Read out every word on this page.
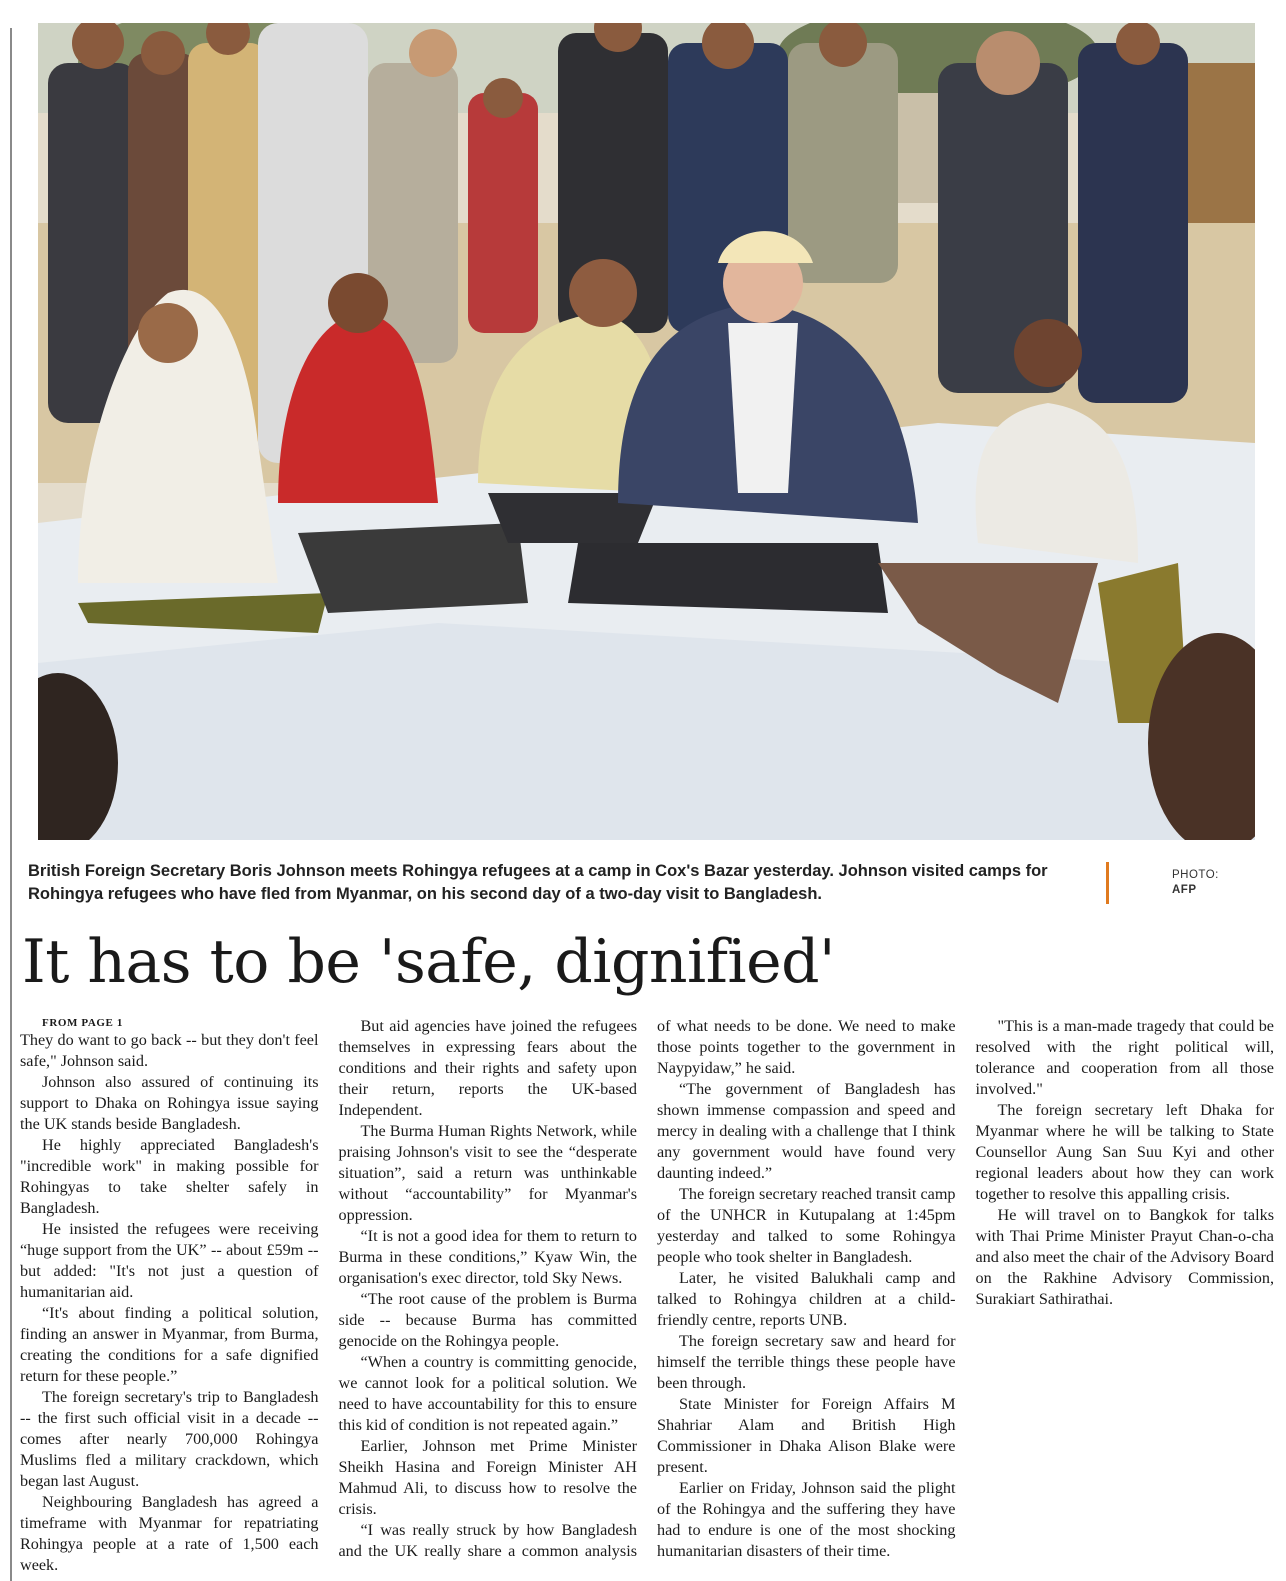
British Foreign Secretary Boris Johnson meets Rohingya refugees at a camp in Cox's Bazar yesterday. Johnson visited camps for Rohingya refugees who have fled from Myanmar, on his second day of a two-day visit to Bangladesh.
PHOTO:
AFP
It has to be 'safe, dignified'

FROM PAGE 1

They do want to go back -- but they don't feel safe," Johnson said.

Johnson also assured of continuing its support to Dhaka on Rohingya issue saying the UK stands beside Bangladesh.

He highly appreciated Bangladesh's "incredible work" in making possible for Rohingyas to take shelter safely in Bangladesh.

He insisted the refugees were receiving “huge support from the UK” -- about £59m -- but added: "It's not just a question of humanitarian aid.

“It's about finding a political solution, finding an answer in Myanmar, from Burma, creating the conditions for a safe dignified return for these people.”

The foreign secretary's trip to Bangladesh -- the first such official visit in a decade -- comes after nearly 700,000 Rohingya Muslims fled a military crackdown, which began last August.

Neighbouring Bangladesh has agreed a timeframe with Myanmar for repatriating Rohingya people at a rate of 1,500 each week.

But aid agencies have joined the refugees themselves in expressing fears about the conditions and their rights and safety upon their return, reports the UK-based Independent.

The Burma Human Rights Network, while praising Johnson's visit to see the “desperate situation”, said a return was unthinkable without “accountability” for Myanmar's oppression.

“It is not a good idea for them to return to Burma in these conditions,” Kyaw Win, the organisation's exec director, told Sky News.

“The root cause of the problem is Burma side -- because Burma has committed genocide on the Rohingya people.

“When a country is committing genocide, we cannot look for a political solution. We need to have accountability for this to ensure this kid of condition is not repeated again.”

Earlier, Johnson met Prime Minister Sheikh Hasina and Foreign Minister AH Mahmud Ali, to discuss how to resolve the crisis.

“I was really struck by how Bangladesh and the UK really share a common analysis of what needs to be done. We need to make those points together to the government in Naypyidaw,” he said.

“The government of Bangladesh has shown immense compassion and speed and mercy in dealing with a challenge that I think any government would have found very daunting indeed.”

The foreign secretary reached transit camp of the UNHCR in Kutupalang at 1:45pm yesterday and talked to some Rohingya people who took shelter in Bangladesh.

Later, he visited Balukhali camp and talked to Rohingya children at a child-friendly centre, reports UNB.

The foreign secretary saw and heard for himself the terrible things these people have been through.

State Minister for Foreign Affairs M Shahriar Alam and British High Commissioner in Dhaka Alison Blake were present.

Earlier on Friday, Johnson said the plight of the Rohingya and the suffering they have had to endure is one of the most shocking humanitarian disasters of their time.

"This is a man-made tragedy that could be resolved with the right political will, tolerance and cooperation from all those involved."

The foreign secretary left Dhaka for Myanmar where he will be talking to State Counsellor Aung San Suu Kyi and other regional leaders about how they can work together to resolve this appalling crisis.

He will travel on to Bangkok for talks with Thai Prime Minister Prayut Chan-o-cha and also meet the chair of the Advisory Board on the Rakhine Advisory Commission, Surakiart Sathirathai.
